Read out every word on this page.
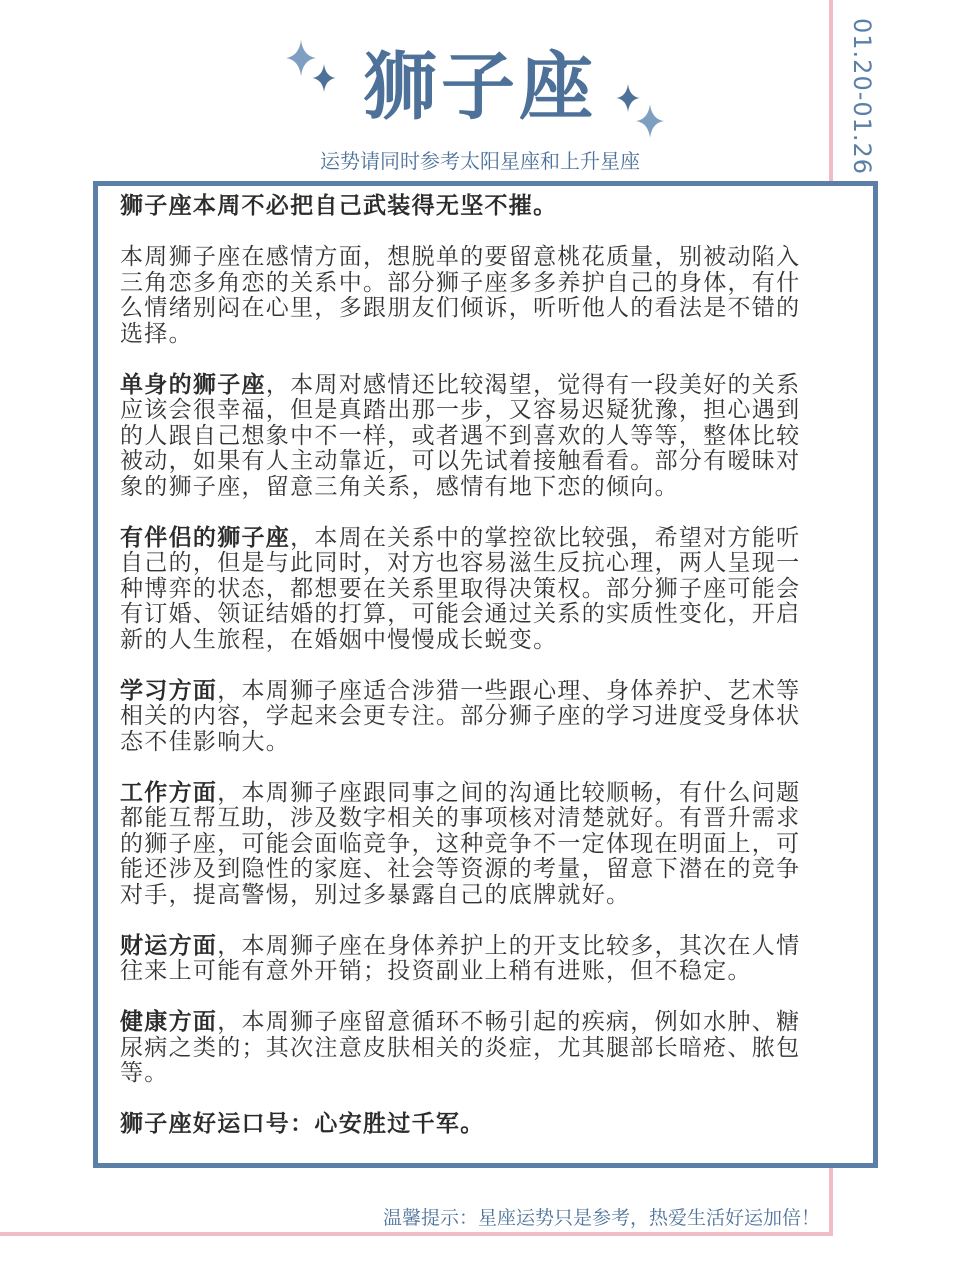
01.20-01.26
狮子座
运势请同时参考太阳星座和上升星座

狮子座本周不必把自己武装得无坚不摧。

本周狮子座在感情方面，想脱单的要留意桃花质量，别被动陷入三角恋多角恋的关系中。部分狮子座多多养护自己的身体，有什么情绪别闷在心里，多跟朋友们倾诉，听听他人的看法是不错的选择。

单身的狮子座，本周对感情还比较渴望，觉得有一段美好的关系应该会很幸福，但是真踏出那一步，又容易迟疑犹豫，担心遇到的人跟自己想象中不一样，或者遇不到喜欢的人等等，整体比较被动，如果有人主动靠近，可以先试着接触看看。部分有暧昧对象的狮子座，留意三角关系，感情有地下恋的倾向。

有伴侣的狮子座，本周在关系中的掌控欲比较强，希望对方能听自己的，但是与此同时，对方也容易滋生反抗心理，两人呈现一种博弈的状态，都想要在关系里取得决策权。部分狮子座可能会有订婚、领证结婚的打算，可能会通过关系的实质性变化，开启新的人生旅程，在婚姻中慢慢成长蜕变。

学习方面，本周狮子座适合涉猎一些跟心理、身体养护、艺术等相关的内容，学起来会更专注。部分狮子座的学习进度受身体状态不佳影响大。

工作方面，本周狮子座跟同事之间的沟通比较顺畅，有什么问题都能互帮互助，涉及数字相关的事项核对清楚就好。有晋升需求的狮子座，可能会面临竞争，这种竞争不一定体现在明面上，可能还涉及到隐性的家庭、社会等资源的考量，留意下潜在的竞争对手，提高警惕，别过多暴露自己的底牌就好。

财运方面，本周狮子座在身体养护上的开支比较多，其次在人情往来上可能有意外开销；投资副业上稍有进账，但不稳定。

健康方面，本周狮子座留意循环不畅引起的疾病，例如水肿、糖尿病之类的；其次注意皮肤相关的炎症，尤其腿部长暗疮、脓包等。

狮子座好运口号：心安胜过千军。

温馨提示：星座运势只是参考，热爱生活好运加倍！
